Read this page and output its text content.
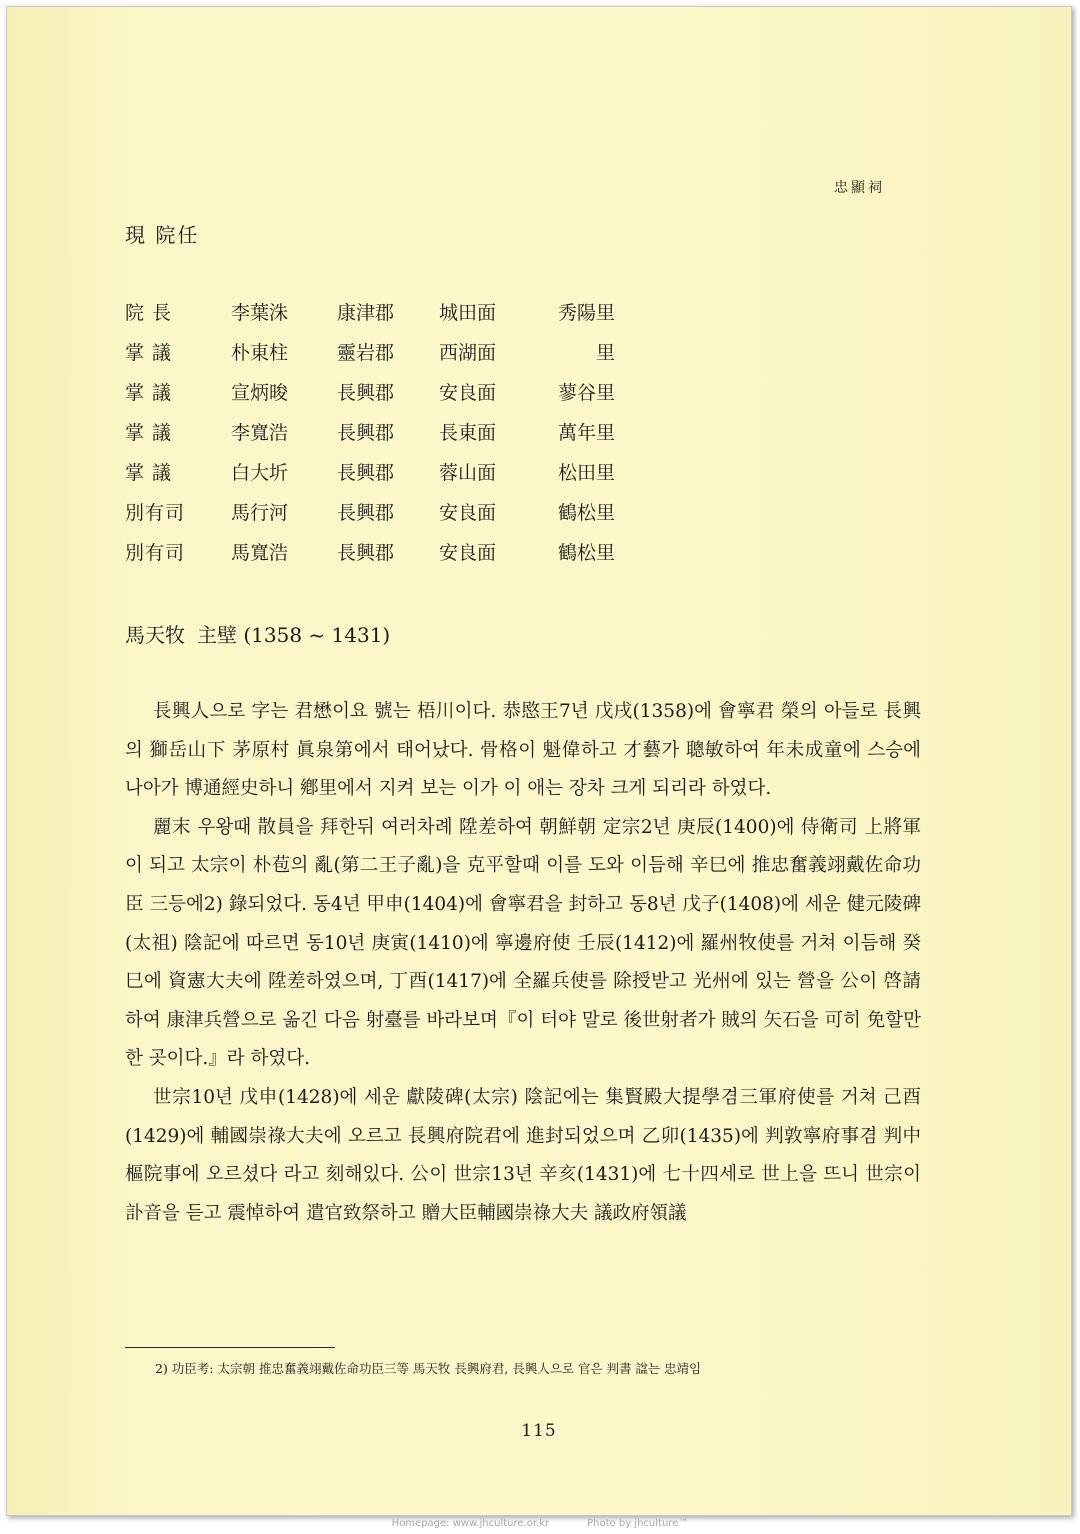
忠顯祠
現 院任
院 長	李葉洙	康津郡	城田面	秀陽里
掌 議	朴東柱	靈岩郡	西湖面	里
掌 議	宣炳晙	長興郡	安良面	蓼谷里
掌 議	李寬浩	長興郡	長東面	萬年里
掌 議	白大圻	長興郡	蓉山面	松田里
別有司	馬行河	長興郡	安良面	鶴松里
別有司	馬寬浩	長興郡	安良面	鶴松里
馬天牧 主壁 (1358 ~ 1431)

長興人으로 字는 君懋이요 號는 梧川이다. 恭愍王7년 戊戌(1358)에 會寧君 榮의 아들로 長興의 獅岳山下 茅原村 眞泉第에서 태어났다. 骨格이 魁偉하고 才藝가 聰敏하여 年未成童에 스승에 나아가 博通經史하니 鄕里에서 지켜 보는 이가 이 애는 장차 크게 되리라 하였다.

麗末 우왕때 散員을 拜한뒤 여러차례 陞差하여 朝鮮朝 定宗2년 庚辰(1400)에 侍衛司 上將軍이 되고 太宗이 朴苞의 亂(第二王子亂)을 克平할때 이를 도와 이듬해 辛巳에 推忠奮義翊戴佐命功臣 三등에2) 錄되었다. 동4년 甲申(1404)에 會寧君을 封하고 동8년 戊子(1408)에 세운 健元陵碑(太祖) 陰記에 따르면 동10년 庚寅(1410)에 寧邊府使 壬辰(1412)에 羅州牧使를 거쳐 이듬해 癸巳에 資憲大夫에 陞差하였으며, 丁酉(1417)에 全羅兵使를 除授받고 光州에 있는 營을 公이 啓請하여 康津兵營으로 옮긴 다음 射臺를 바라보며『이 터야 말로 後世射者가 賊의 矢石을 可히 免할만한 곳이다.』라 하였다.

世宗10년 戊申(1428)에 세운 獻陵碑(太宗) 陰記에는 集賢殿大提學겸三軍府使를 거쳐 己酉(1429)에 輔國崇祿大夫에 오르고 長興府院君에 進封되었으며 乙卯(1435)에 判敦寧府事겸 判中樞院事에 오르셨다 라고 刻해있다. 公이 世宗13년 辛亥(1431)에 七十四세로 世上을 뜨니 世宗이 訃音을 듣고 震悼하여 遣官致祭하고 贈大臣輔國崇祿大夫 議政府領議

2) 功臣考: 太宗朝 推忠奮義翊戴佐命功臣三等 馬天牧 長興府君, 長興人으로 官은 判書 諡는 忠靖임
115
Homepage: www.jhculture.or.kr	Photo by jhculture™
